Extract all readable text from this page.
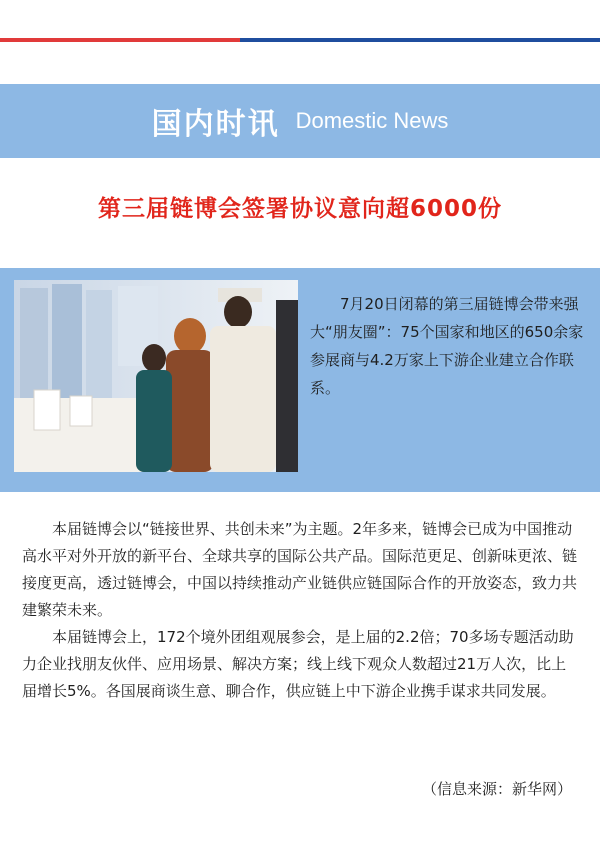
国内时讯 Domestic News
第三届链博会签署协议意向超6000份

7月20日闭幕的第三届链博会带来强大“朋友圈”：75个国家和地区的650余家参展商与4.2万家上下游企业建立合作联系。

本届链博会以“链接世界、共创未来”为主题。2年多来，链博会已成为中国推动高水平对外开放的新平台、全球共享的国际公共产品。国际范更足、创新味更浓、链接度更高，透过链博会，中国以持续推动产业链供应链国际合作的开放姿态，致力共建繁荣未来。

本届链博会上，172个境外团组观展参会，是上届的2.2倍；70多场专题活动助力企业找朋友伙伴、应用场景、解决方案；线上线下观众人数超过21万人次，比上届增长5%。各国展商谈生意、聊合作，供应链上中下游企业携手谋求共同发展。

（信息来源：新华网）
